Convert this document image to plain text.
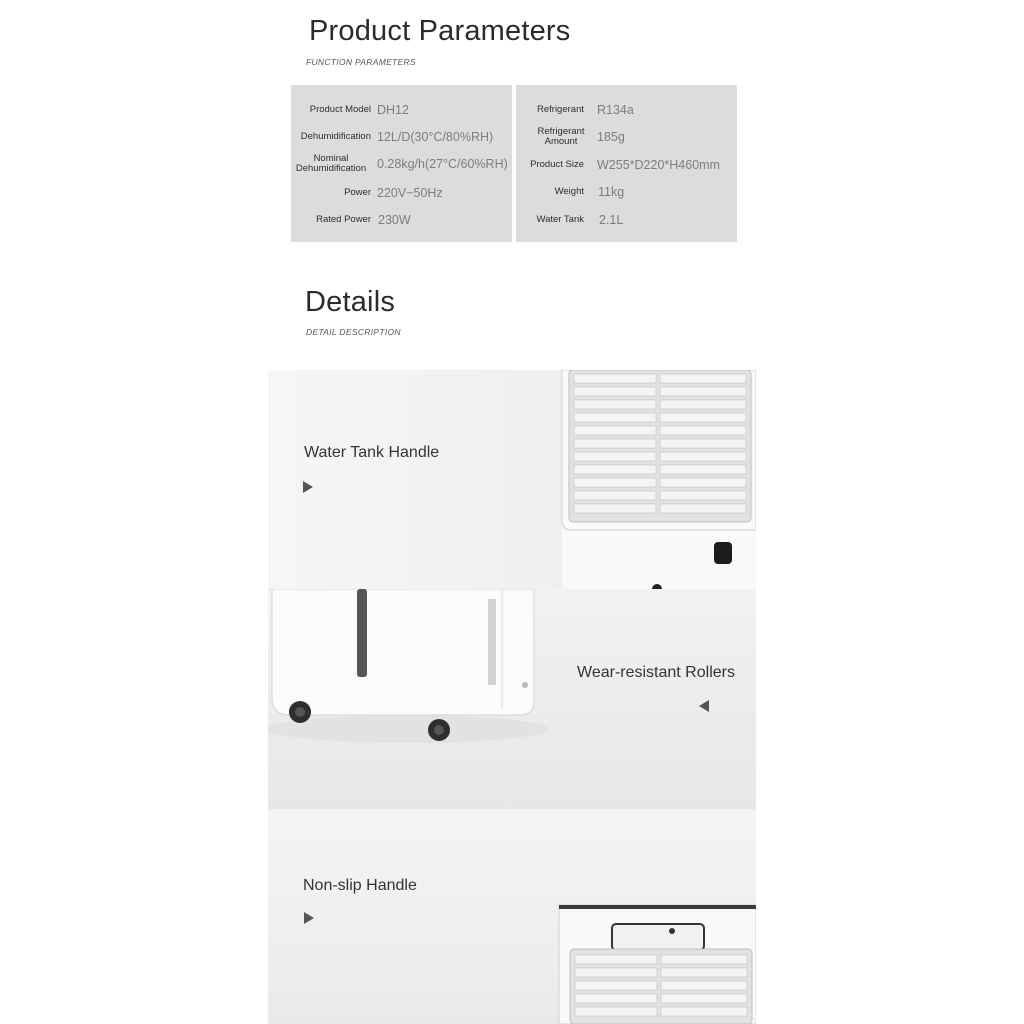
Product Parameters
FUNCTION PARAMETERS
Product Model DH12
Dehumidification 12L/D(30°C/80%RH)
Nominal Dehumidification 0.28kg/h(27°C/60%RH)
Power 220V~50Hz
Rated Power 230W
Refrigerant R134a
Refrigerant Amount	185g
Product Size W255*D220*H460mm
Weight 11kg
Water Tank 2.1L
Details
DETAIL DESCRIPTION
Water Tank Handle
Wear-resistant Rollers
Non-slip Handle
